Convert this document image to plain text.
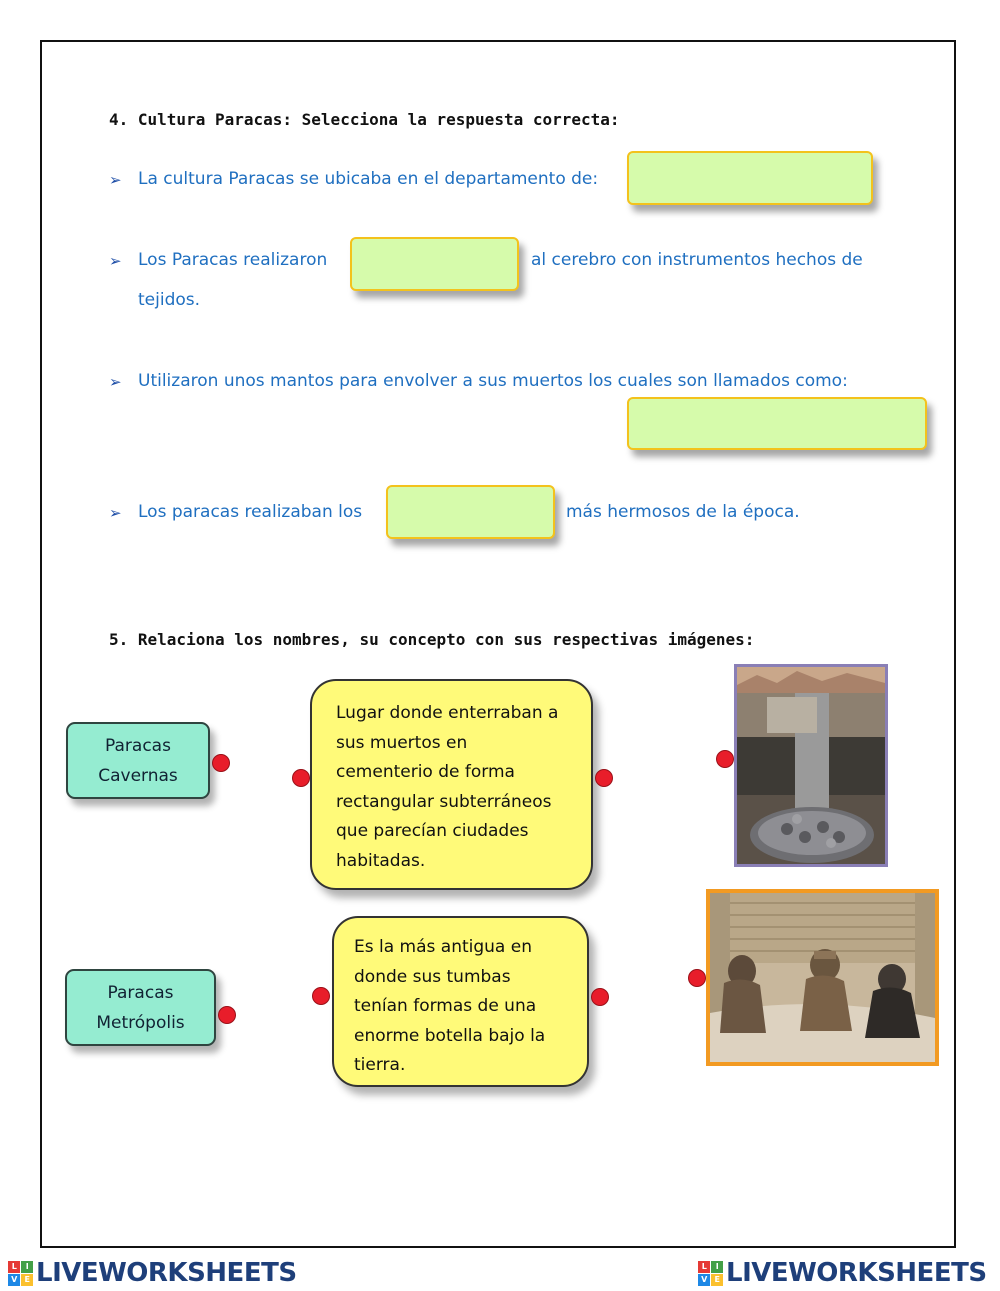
4. Cultura Paracas: Selecciona la respuesta correcta:
➢ La cultura Paracas se ubicaba en el departamento de:
➢ Los Paracas realizaron	al cerebro con instrumentos hechos de
tejidos.
➢ Utilizaron unos mantos para envolver a sus muertos los cuales son llamados como:
➢ Los paracas realizaban los	más hermosos de la época.
5. Relaciona los nombres, su concepto con sus respectivas imágenes:
Paracas
Cavernas
Lugar donde enterraban a
sus muertos en
cementerio de forma
rectangular subterráneos
que parecían ciudades
habitadas.
Paracas
Metrópolis
Es la más antigua en
donde sus tumbas
tenían formas de una
enorme botella bajo la
tierra.
L	I
V E LIVEWORKSHEETS	L	I
V E LIVEWORKSHEETS
